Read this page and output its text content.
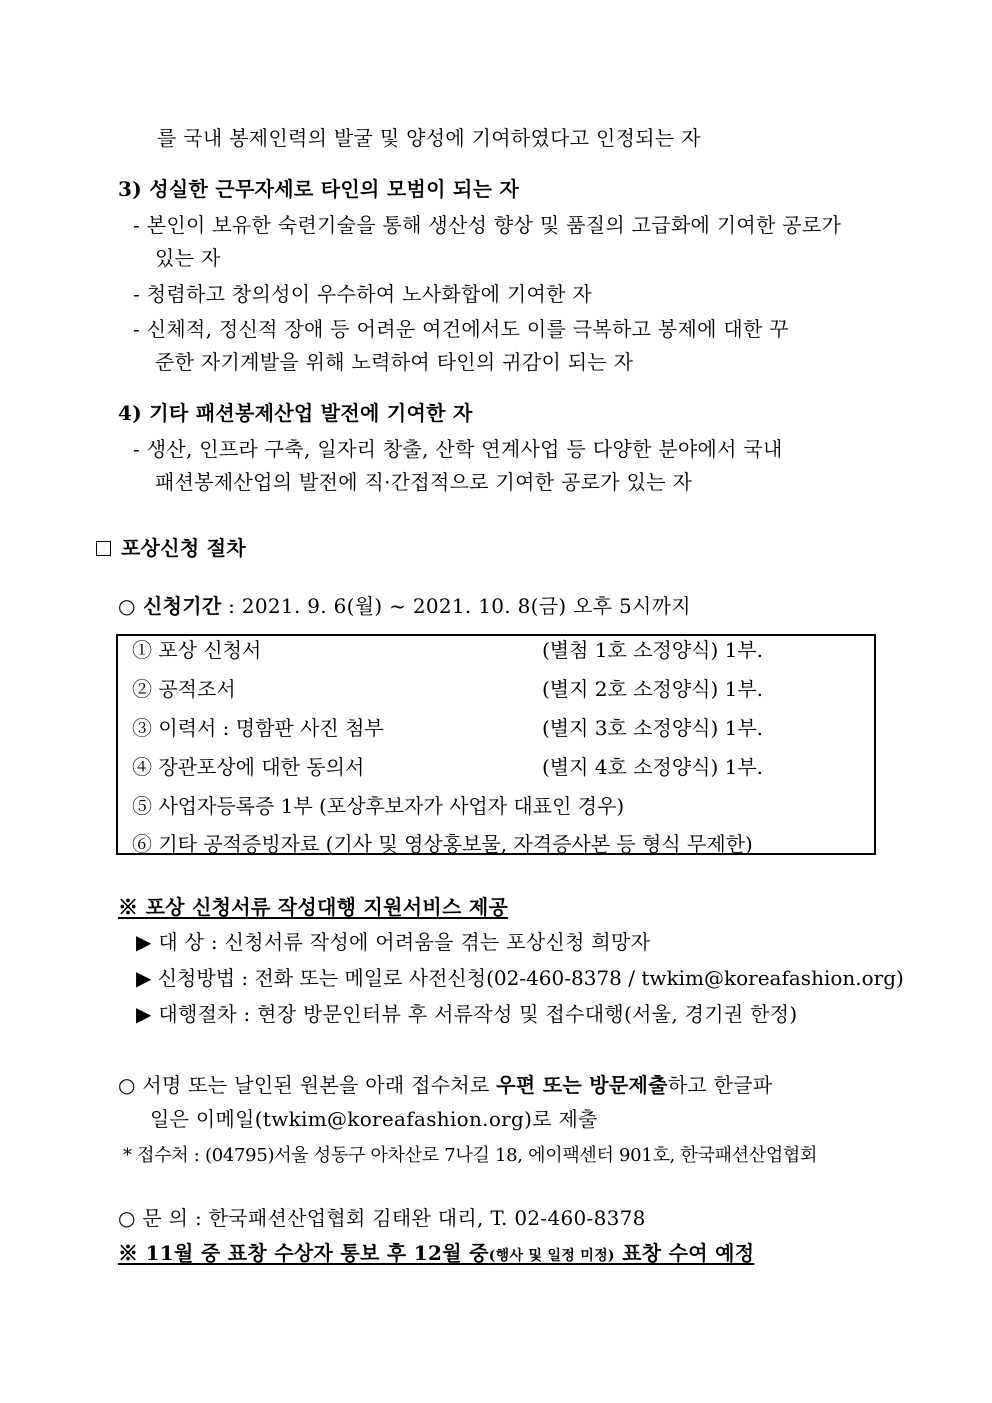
를 국내 봉제인력의 발굴 및 양성에 기여하였다고 인정되는 자
3) 성실한 근무자세로 타인의 모범이 되는 자
- 본인이 보유한 숙련기술을 통해 생산성 향상 및 품질의 고급화에 기여한 공로가
있는 자
- 청렴하고 창의성이 우수하여 노사화합에 기여한 자
- 신체적, 정신적 장애 등 어려운 여건에서도 이를 극복하고 봉제에 대한 꾸
준한 자기계발을 위해 노력하여 타인의 귀감이 되는 자
4) 기타 패션봉제산업 발전에 기여한 자
- 생산, 인프라 구축, 일자리 창출, 산학 연계사업 등 다양한 분야에서 국내
패션봉제산업의 발전에 직·간접적으로 기여한 공로가 있는 자
포상신청 절차
○ 신청기간 : 2021. 9. 6(월) ~ 2021. 10. 8(금) 오후 5시까지
① 포상 신청서	(별첨 1호 소정양식) 1부.
② 공적조서	(별지 2호 소정양식) 1부.
③ 이력서 : 명함판 사진 첨부	(별지 3호 소정양식) 1부.
④ 장관포상에 대한 동의서	(별지 4호 소정양식) 1부.
⑤ 사업자등록증 1부 (포상후보자가 사업자 대표인 경우)
⑥ 기타 공적증빙자료 (기사 및 영상홍보물, 자격증사본 등 형식 무제한)
※ 포상 신청서류 작성대행 지원서비스 제공
▶ 대 상 : 신청서류 작성에 어려움을 겪는 포상신청 희망자
▶ 신청방법 : 전화 또는 메일로 사전신청(02-460-8378 / twkim@koreafashion.org)
▶ 대행절차 : 현장 방문인터뷰 후 서류작성 및 접수대행(서울, 경기권 한정)
○ 서명 또는 날인된 원본을 아래 접수처로 우편 또는 방문제출하고 한글파
일은 이메일(twkim@koreafashion.org)로 제출
* 접수처 : (04795)서울 성동구 아차산로 7나길 18, 에이팩센터 901호, 한국패션산업협회
○ 문 의 : 한국패션산업협회 김태완 대리, T. 02-460-8378
※ 11월 중 표창 수상자 통보 후 12월 중(행사 및 일정 미정) 표창 수여 예정
